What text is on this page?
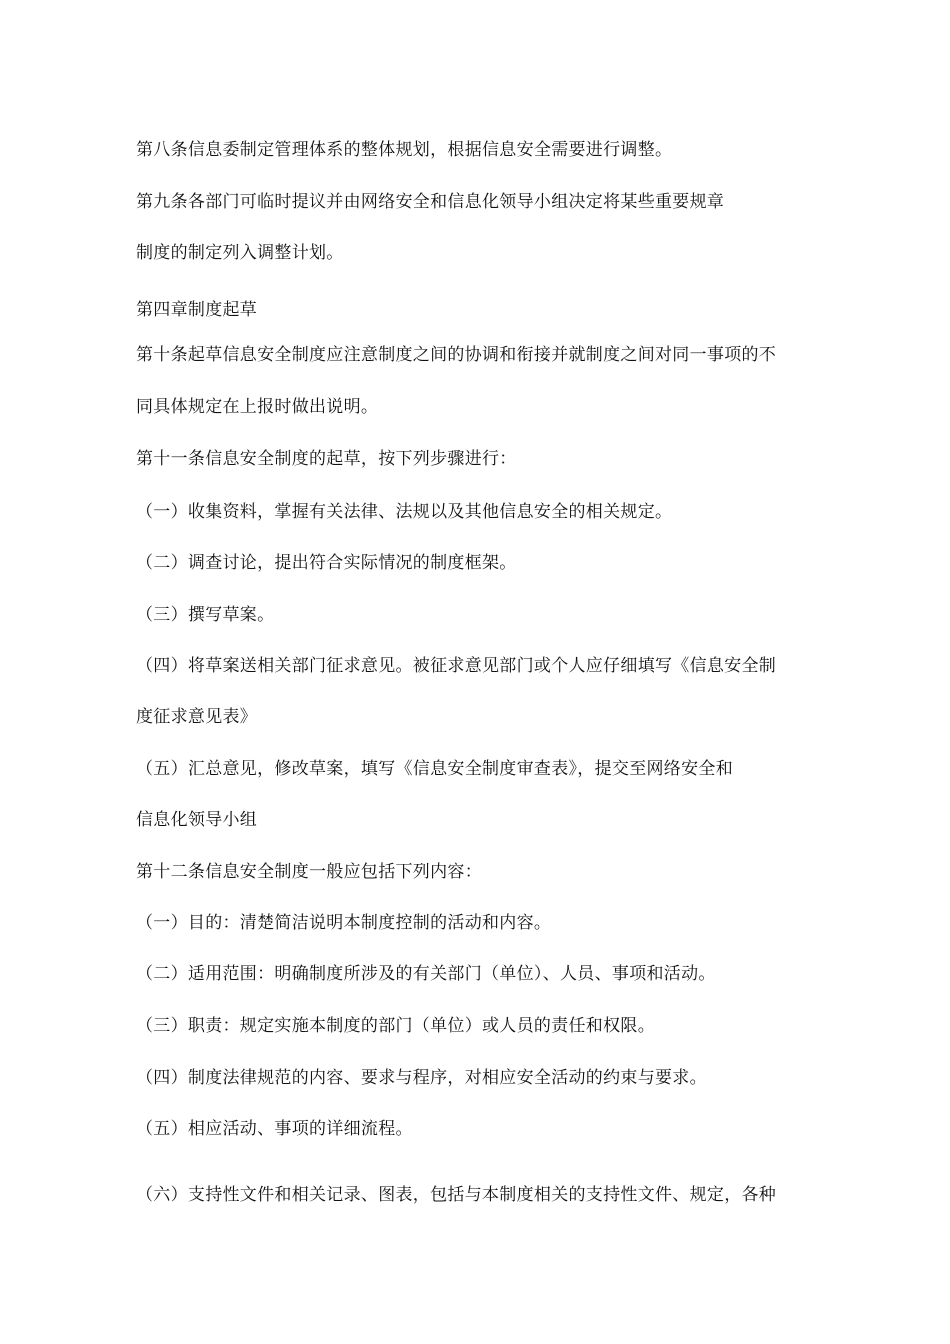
第八条信息委制定管理体系的整体规划，根据信息安全需要进行调整。
第九条各部门可临时提议并由网络安全和信息化领导小组决定将某些重要规章
制度的制定列入调整计划。
第四章制度起草
第十条起草信息安全制度应注意制度之间的协调和衔接并就制度之间对同一事项的不
同具体规定在上报时做出说明。
第十一条信息安全制度的起草，按下列步骤进行：
（一）收集资料，掌握有关法律、法规以及其他信息安全的相关规定。
（二）调查讨论，提出符合实际情况的制度框架。
（三）撰写草案。
（四）将草案送相关部门征求意见。被征求意见部门或个人应仔细填写《信息安全制
度征求意见表》
（五）汇总意见，修改草案，填写《信息安全制度审查表》，提交至网络安全和
信息化领导小组
第十二条信息安全制度一般应包括下列内容：
（一）目的：清楚简洁说明本制度控制的活动和内容。
（二）适用范围：明确制度所涉及的有关部门（单位）、人员、事项和活动。
（三）职责：规定实施本制度的部门（单位）或人员的责任和权限。
（四）制度法律规范的内容、要求与程序，对相应安全活动的约束与要求。
（五）相应活动、事项的详细流程。
（六）支持性文件和相关记录、图表，包括与本制度相关的支持性文件、规定，各种
